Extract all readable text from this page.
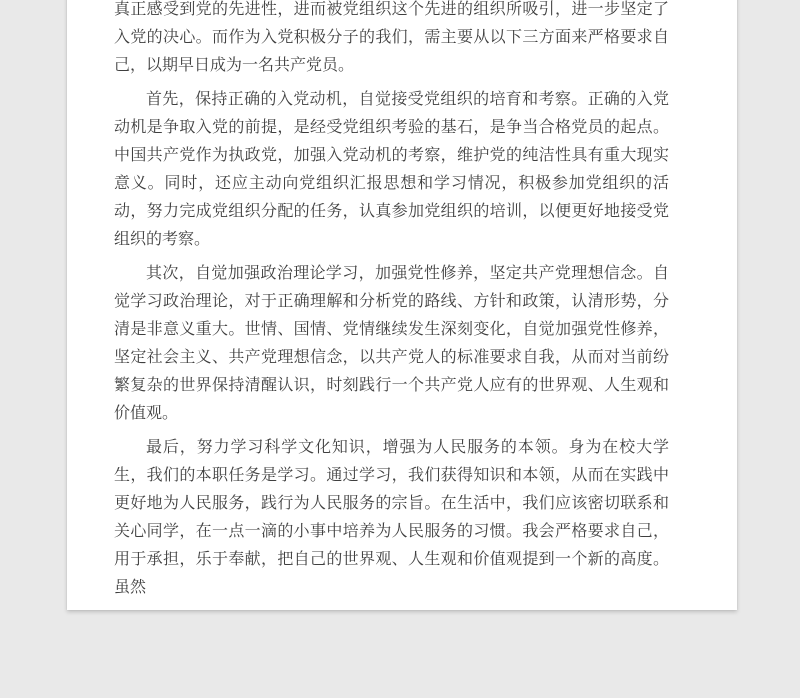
真正感受到党的先进性，进而被党组织这个先进的组织所吸引，进一步坚定了入党的决心。而作为入党积极分子的我们，需主要从以下三方面来严格要求自己，以期早日成为一名共产党员。

首先，保持正确的入党动机，自觉接受党组织的培育和考察。正确的入党动机是争取入党的前提，是经受党组织考验的基石，是争当合格党员的起点。中国共产党作为执政党，加强入党动机的考察，维护党的纯洁性具有重大现实意义。同时，还应主动向党组织汇报思想和学习情况，积极参加党组织的活动，努力完成党组织分配的任务，认真参加党组织的培训，以便更好地接受党组织的考察。

其次，自觉加强政治理论学习，加强党性修养，坚定共产党理想信念。自觉学习政治理论，对于正确理解和分析党的路线、方针和政策，认清形势，分清是非意义重大。世情、国情、党情继续发生深刻变化，自觉加强党性修养，坚定社会主义、共产党理想信念，以共产党人的标准要求自我，从而对当前纷繁复杂的世界保持清醒认识，时刻践行一个共产党人应有的世界观、人生观和价值观。

最后，努力学习科学文化知识，增强为人民服务的本领。身为在校大学生，我们的本职任务是学习。通过学习，我们获得知识和本领，从而在实践中更好地为人民服务，践行为人民服务的宗旨。在生活中，我们应该密切联系和关心同学，在一点一滴的小事中培养为人民服务的习惯。我会严格要求自己，用于承担，乐于奉献，把自己的世界观、人生观和价值观提到一个新的高度。虽然
